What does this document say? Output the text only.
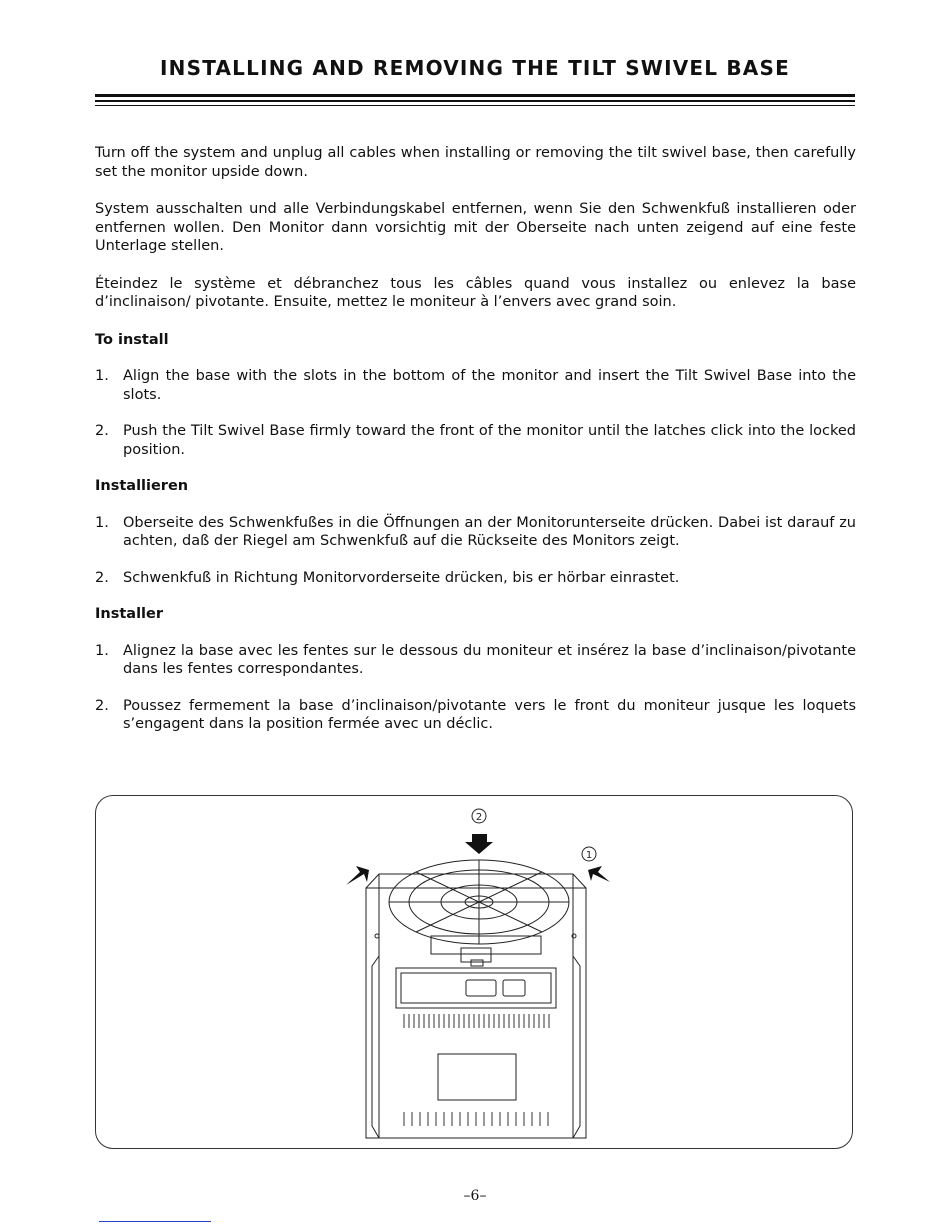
INSTALLING AND REMOVING THE TILT SWIVEL BASE

Turn off the system and unplug all cables when installing or removing the tilt swivel base, then carefully set the monitor upside down.

System ausschalten und alle Verbindungskabel entfernen, wenn Sie den Schwenkfuß installieren oder entfernen wollen. Den Monitor dann vorsichtig mit der Oberseite nach unten zeigend auf eine feste Unterlage stellen.

Éteindez le système et débranchez tous les câbles quand vous installez ou enlevez la base d’inclinaison/ pivotante. Ensuite, mettez le moniteur à l’envers avec grand soin.

To install
1. Align the base with the slots in the bottom of the monitor and insert the Tilt Swivel Base into the slots.
2. Push the Tilt Swivel Base firmly toward the front of the monitor until the latches click into the locked position.
Installieren
1. Oberseite des Schwenkfußes in die Öffnungen an der Monitorunterseite drücken. Dabei ist darauf zu achten, daß der Riegel am Schwenkfuß auf die Rückseite des Monitors zeigt.
2. Schwenkfuß in Richtung Monitorvorderseite drücken, bis er hörbar einrastet.
Installer
1. Alignez la base avec les fentes sur le dessous du moniteur et insérez la base d’inclinaison/pivotante dans les fentes correspondantes.
2. Poussez fermement la base d’inclinaison/pivotante vers le front du moniteur jusque les loquets s’engagent dans la position fermée avec un déclic.
2
1
–6–
